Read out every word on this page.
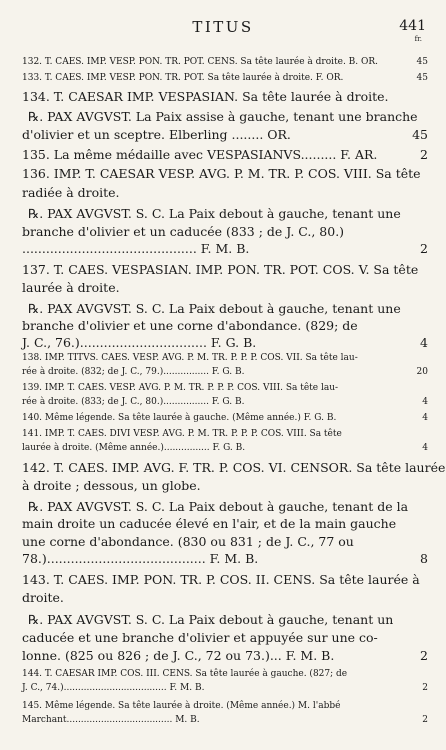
TITUS	441
fr.
132. T. CAES. IMP. VESP. PON. TR. POT. CENS. Sa tête laurée à droite. B. OR.	45
133. T. CAES. IMP. VESP. PON. TR. POT. Sa tête laurée à droite. F. OR.	45
134. T. CAESAR IMP. VESPASIAN. Sa tête laurée à droite.
℞. PAX AVGVST. La Paix assise à gauche, tenant une branche
d'olivier et un sceptre. Elberling ........ OR.	45
135. La même médaille avec VESPASIANVS......... F. AR.	2
136. IMP. T. CAESAR VESP. AVG. P. M. TR. P. COS. VIII. Sa tête
radiée à droite.
℞. PAX AVGVST. S. C. La Paix debout à gauche, tenant une
branche d'olivier et un caducée (833 ; de J. C., 80.)
............................................ F. M. B.	2
137. T. CAES. VESPASIAN. IMP. PON. TR. POT. COS. V. Sa tête
laurée à droite.
℞. PAX AVGVST. S. C. La Paix debout à gauche, tenant une
branche d'olivier et une corne d'abondance. (829; de
J. C., 76.)................................ F. G. B.	4
138. IMP. TITVS. CAES. VESP. AVG. P. M. TR. P. P. P. COS. VII. Sa tête lau-
rée à droite. (832; de J. C., 79.)................ F. G. B.	20
139. IMP. T. CAES. VESP. AVG. P. M. TR. P. P. P. COS. VIII. Sa tête lau-
rée à droite. (833; de J. C., 80.)................ F. G. B.	4
140. Même légende. Sa tête laurée à gauche. (Même année.) F. G. B.	4
141. IMP. T. CAES. DIVI VESP. AVG. P. M. TR. P. P. P. COS. VIII. Sa tête
laurée à droite. (Même année.)................ F. G. B.	4
142. T. CAES. IMP. AVG. F. TR. P. COS. VI. CENSOR. Sa tête laurée
à droite ; dessous, un globe.
℞. PAX AVGVST. S. C. La Paix debout à gauche, tenant de la
main droite un caducée élevé en l'air, et de la main gauche
une corne d'abondance. (830 ou 831 ; de J. C., 77 ou
78.)........................................ F. M. B.	8
143. T. CAES. IMP. PON. TR. P. COS. II. CENS. Sa tête laurée à
droite.
℞. PAX AVGVST. S. C. La Paix debout à gauche, tenant un
caducée et une branche d'olivier et appuyée sur une co-
lonne. (825 ou 826 ; de J. C., 72 ou 73.)... F. M. B.	2
144. T. CAESAR IMP. COS. III. CENS. Sa tête laurée à gauche. (827; de
J. C., 74.).................................... F. M. B.	2
145. Même légende. Sa tête laurée à droite. (Même année.) M. l'abbé
Marchant..................................... M. B.	2
